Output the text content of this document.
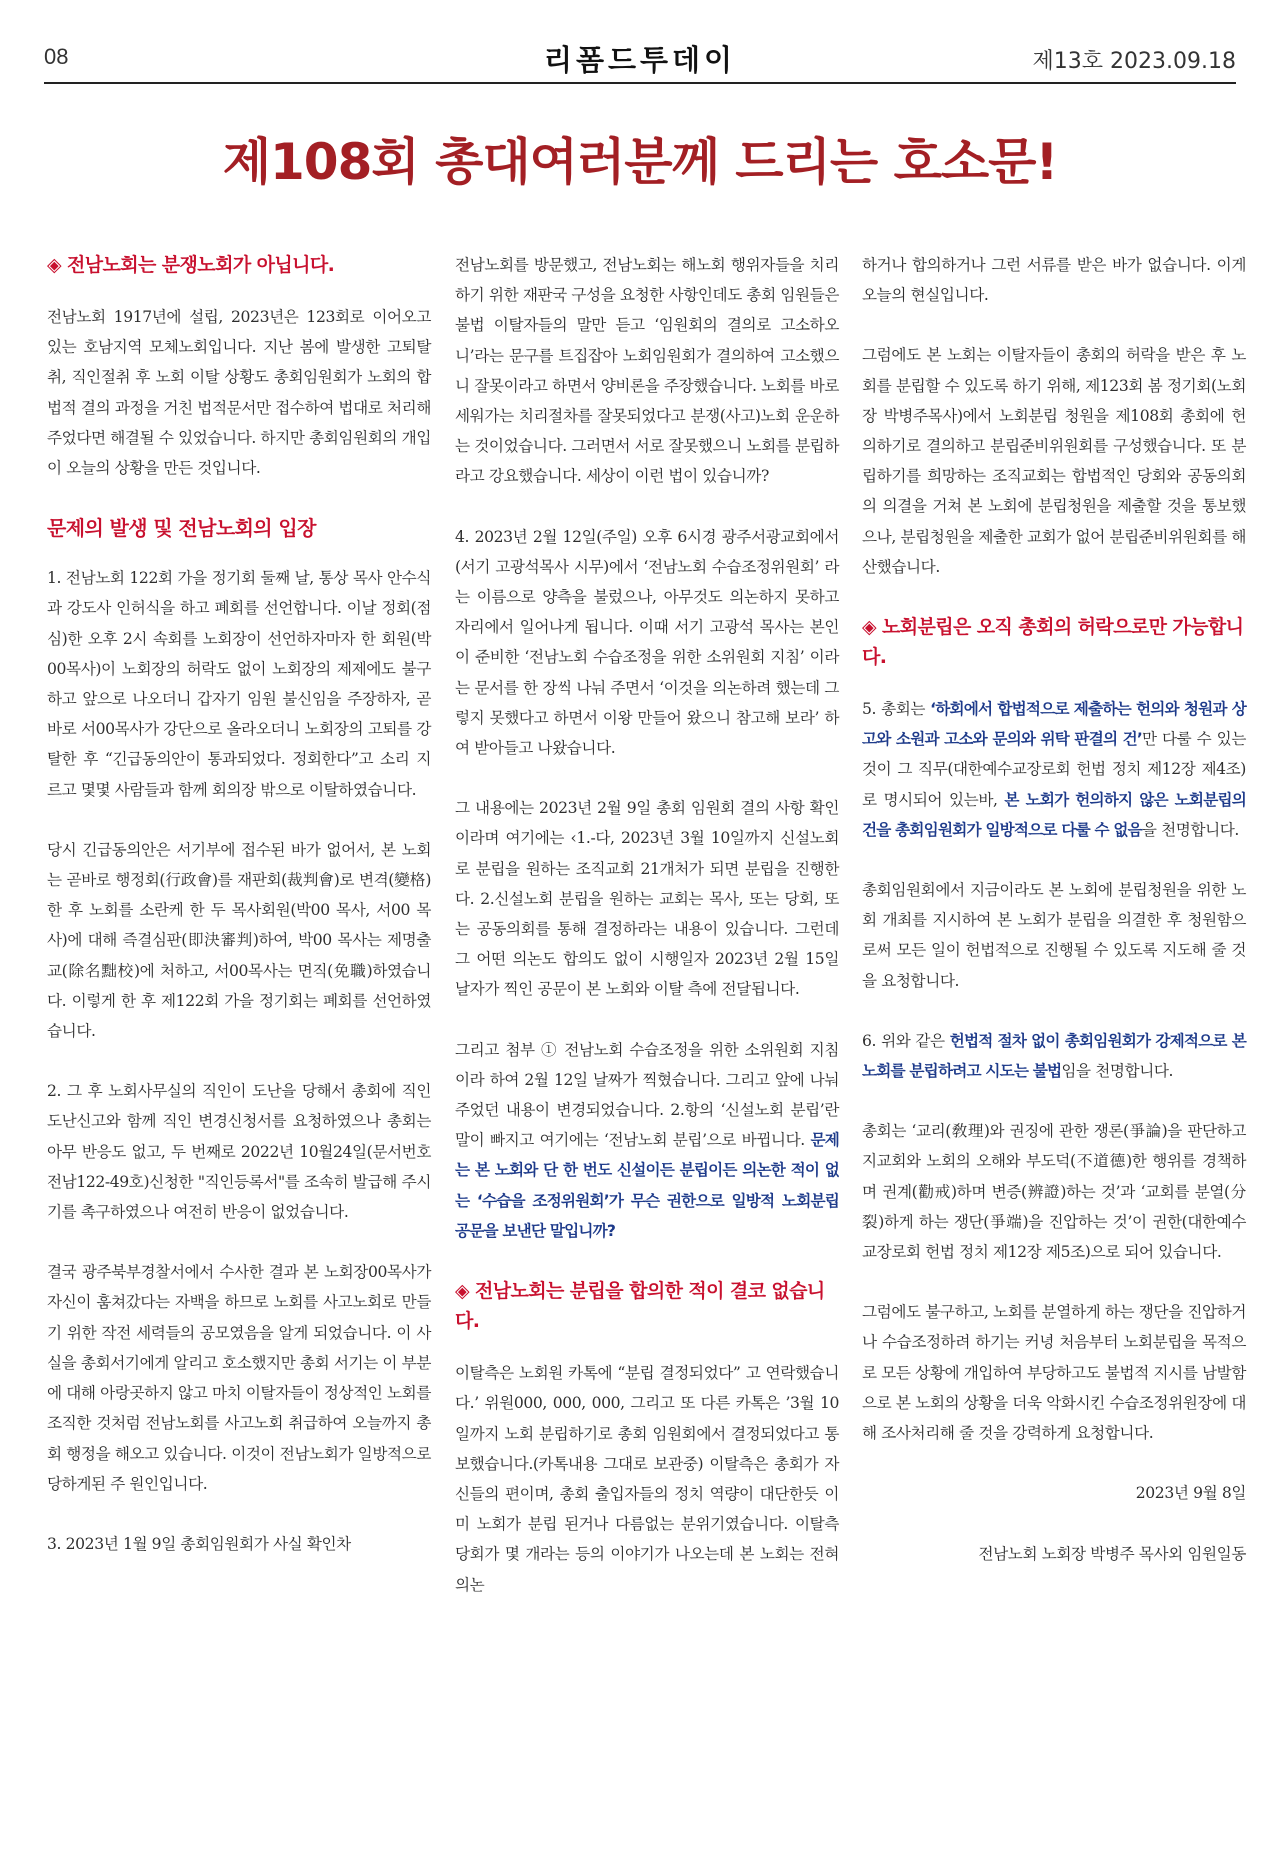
08	리폼드투데이	제13호 2023.09.18
제108회 총대여러분께 드리는 호소문!
◈ 전남노회는 분쟁노회가 아닙니다.

전남노회 1917년에 설립, 2023년은 123회로 이어오고 있는 호남지역 모체노회입니다. 지난 봄에 발생한 고퇴탈취, 직인절취 후 노회 이탈 상황도 총회임원회가 노회의 합법적 결의 과정을 거친 법적문서만 접수하여 법대로 처리해 주었다면 해결될 수 있었습니다. 하지만 총회임원회의 개입이 오늘의 상황을 만든 것입니다.

문제의 발생 및 전남노회의 입장

1. 전남노회 122회 가을 정기회 둘째 날, 통상 목사 안수식과 강도사 인허식을 하고 폐회를 선언합니다. 이날 정회(점심)한 오후 2시 속회를 노회장이 선언하자마자 한 회원(박00목사)이 노회장의 허락도 없이 노회장의 제제에도 불구하고 앞으로 나오더니 갑자기 임원 불신임을 주장하자, 곧바로 서00목사가 강단으로 올라오더니 노회장의 고퇴를 강탈한 후 “긴급동의안이 통과되었다. 정회한다”고 소리 지르고 몇몇 사람들과 함께 회의장 밖으로 이탈하였습니다.

당시 긴급동의안은 서기부에 접수된 바가 없어서, 본 노회는 곧바로 행정회(行政會)를 재판회(裁判會)로 변격(變格)한 후 노회를 소란케 한 두 목사회원(박00 목사, 서00 목사)에 대해 즉결심판(即決審判)하여, 박00 목사는 제명출교(除名黜校)에 처하고, 서00목사는 면직(免職)하였습니다. 이렇게 한 후 제122회 가을 정기회는 폐회를 선언하였습니다.

2. 그 후 노회사무실의 직인이 도난을 당해서 총회에 직인 도난신고와 함께 직인 변경신청서를 요청하였으나 총회는 아무 반응도 없고, 두 번째로 2022년 10월24일(문서번호 전남122-49호)신청한 "직인등록서"를 조속히 발급해 주시기를 촉구하였으나 여전히 반응이 없었습니다.

결국 광주북부경찰서에서 수사한 결과 본 노회장00목사가 자신이 훔쳐갔다는 자백을 하므로 노회를 사고노회로 만들기 위한 작전 세력들의 공모였음을 알게 되었습니다. 이 사실을 총회서기에게 알리고 호소했지만 총회 서기는 이 부분에 대해 아랑곳하지 않고 마치 이탈자들이 정상적인 노회를 조직한 것처럼 전남노회를 사고노회 취급하여 오늘까지 총회 행정을 해오고 있습니다. 이것이 전남노회가 일방적으로 당하게된 주 원인입니다.

3. 2023년 1월 9일 총회임원회가 사실 확인차

전남노회를 방문했고, 전남노회는 해노회 행위자들을 치리하기 위한 재판국 구성을 요청한 사항인데도 총회 임원들은 불법 이탈자들의 말만 듣고 ‘임원회의 결의로 고소하오니’라는 문구를 트집잡아 노회임원회가 결의하여 고소했으니 잘못이라고 하면서 양비론을 주장했습니다. 노회를 바로 세워가는 치리절차를 잘못되었다고 분쟁(사고)노회 운운하는 것이었습니다. 그러면서 서로 잘못했으니 노회를 분립하라고 강요했습니다. 세상이 이런 법이 있습니까?

4. 2023년 2월 12일(주일) 오후 6시경 광주서광교회에서(서기 고광석목사 시무)에서 ‘전남노회 수습조정위원회’ 라는 이름으로 양측을 불렀으나, 아무것도 의논하지 못하고 자리에서 일어나게 됩니다. 이때 서기 고광석 목사는 본인이 준비한 ‘전남노회 수습조정을 위한 소위원회 지침’ 이라는 문서를 한 장씩 나눠 주면서 ‘이것을 의논하려 했는데 그렇지 못했다고 하면서 이왕 만들어 왔으니 참고해 보라’ 하여 받아들고 나왔습니다.

그 내용에는 2023년 2월 9일 총회 임원회 결의 사항 확인이라며 여기에는 ‹1.-다, 2023년 3월 10일까지 신설노회로 분립을 원하는 조직교회 21개처가 되면 분립을 진행한다. 2.신설노회 분립을 원하는 교회는 목사, 또는 당회, 또는 공동의회를 통해 결정하라는 내용이 있습니다. 그런데 그 어떤 의논도 합의도 없이 시행일자 2023년 2월 15일 날자가 찍인 공문이 본 노회와 이탈 측에 전달됩니다.

그리고 첨부 ① 전남노회 수습조정을 위한 소위원회 지침이라 하여 2월 12일 날짜가 찍혔습니다. 그리고 앞에 나눠주었던 내용이 변경되었습니다. 2.항의 ‘신설노회 분립’란 말이 빠지고 여기에는 ‘전남노회 분립’으로 바뀝니다. 문제는 본 노회와 단 한 번도 신설이든 분립이든 의논한 적이 없는 ‘수습을 조정위원회’가 무슨 권한으로 일방적 노회분립 공문을 보낸단 말입니까?

◈ 전남노회는 분립을 합의한 적이 결코 없습니다.

이탈측은 노회원 카톡에 “분립 결정되었다” 고 연락했습니다.’ 위원000, 000, 000, 그리고 또 다른 카톡은 ’3월 10일까지 노회 분립하기로 총회 임원회에서 결정되었다고 통보했습니다.(카톡내용 그대로 보관중) 이탈측은 총회가 자신들의 편이며, 총회 출입자들의 정치 역량이 대단한듯 이미 노회가 분립 된거나 다름없는 분위기였습니다. 이탈측 당회가 몇 개라는 등의 이야기가 나오는데 본 노회는 전혀 의논

하거나 합의하거나 그런 서류를 받은 바가 없습니다. 이게 오늘의 현실입니다.

그럼에도 본 노회는 이탈자들이 총회의 허락을 받은 후 노회를 분립할 수 있도록 하기 위해, 제123회 봄 정기회(노회장 박병주목사)에서 노회분립 청원을 제108회 총회에 헌의하기로 결의하고 분립준비위원회를 구성했습니다. 또 분립하기를 희망하는 조직교회는 합법적인 당회와 공동의회의 의결을 거쳐 본 노회에 분립청원을 제출할 것을 통보했으나, 분립청원을 제출한 교회가 없어 분립준비위원회를 해산했습니다.

◈ 노회분립은 오직 총회의 허락으로만 가능합니다.

5. 총회는 ‘하회에서 합법적으로 제출하는 헌의와 청원과 상고와 소원과 고소와 문의와 위탁 판결의 건’만 다룰 수 있는 것이 그 직무(대한예수교장로회 헌법 정치 제12장 제4조)로 명시되어 있는바, 본 노회가 헌의하지 않은 노회분립의 건을 총회임원회가 일방적으로 다룰 수 없음을 천명합니다.

총회임원회에서 지금이라도 본 노회에 분립청원을 위한 노회 개최를 지시하여 본 노회가 분립을 의결한 후 청원함으로써 모든 일이 헌법적으로 진행될 수 있도록 지도해 줄 것을 요청합니다.

6. 위와 같은 헌법적 절차 없이 총회임원회가 강제적으로 본 노회를 분립하려고 시도는 불법임을 천명합니다.

총회는 ‘교리(敎理)와 권징에 관한 쟁론(爭論)을 판단하고 지교회와 노회의 오해와 부도덕(不道德)한 행위를 경책하며 권계(勸戒)하며 변증(辨證)하는 것’과 ‘교회를 분열(分裂)하게 하는 쟁단(爭端)을 진압하는 것’이 권한(대한예수교장로회 헌법 정치 제12장 제5조)으로 되어 있습니다.

그럼에도 불구하고, 노회를 분열하게 하는 쟁단을 진압하거나 수습조정하려 하기는 커녕 처음부터 노회분립을 목적으로 모든 상황에 개입하여 부당하고도 불법적 지시를 남발함으로 본 노회의 상황을 더욱 악화시킨 수습조정위원장에 대해 조사처리해 줄 것을 강력하게 요청합니다.

2023년 9월 8일
전남노회 노회장 박병주 목사외 임원일동
